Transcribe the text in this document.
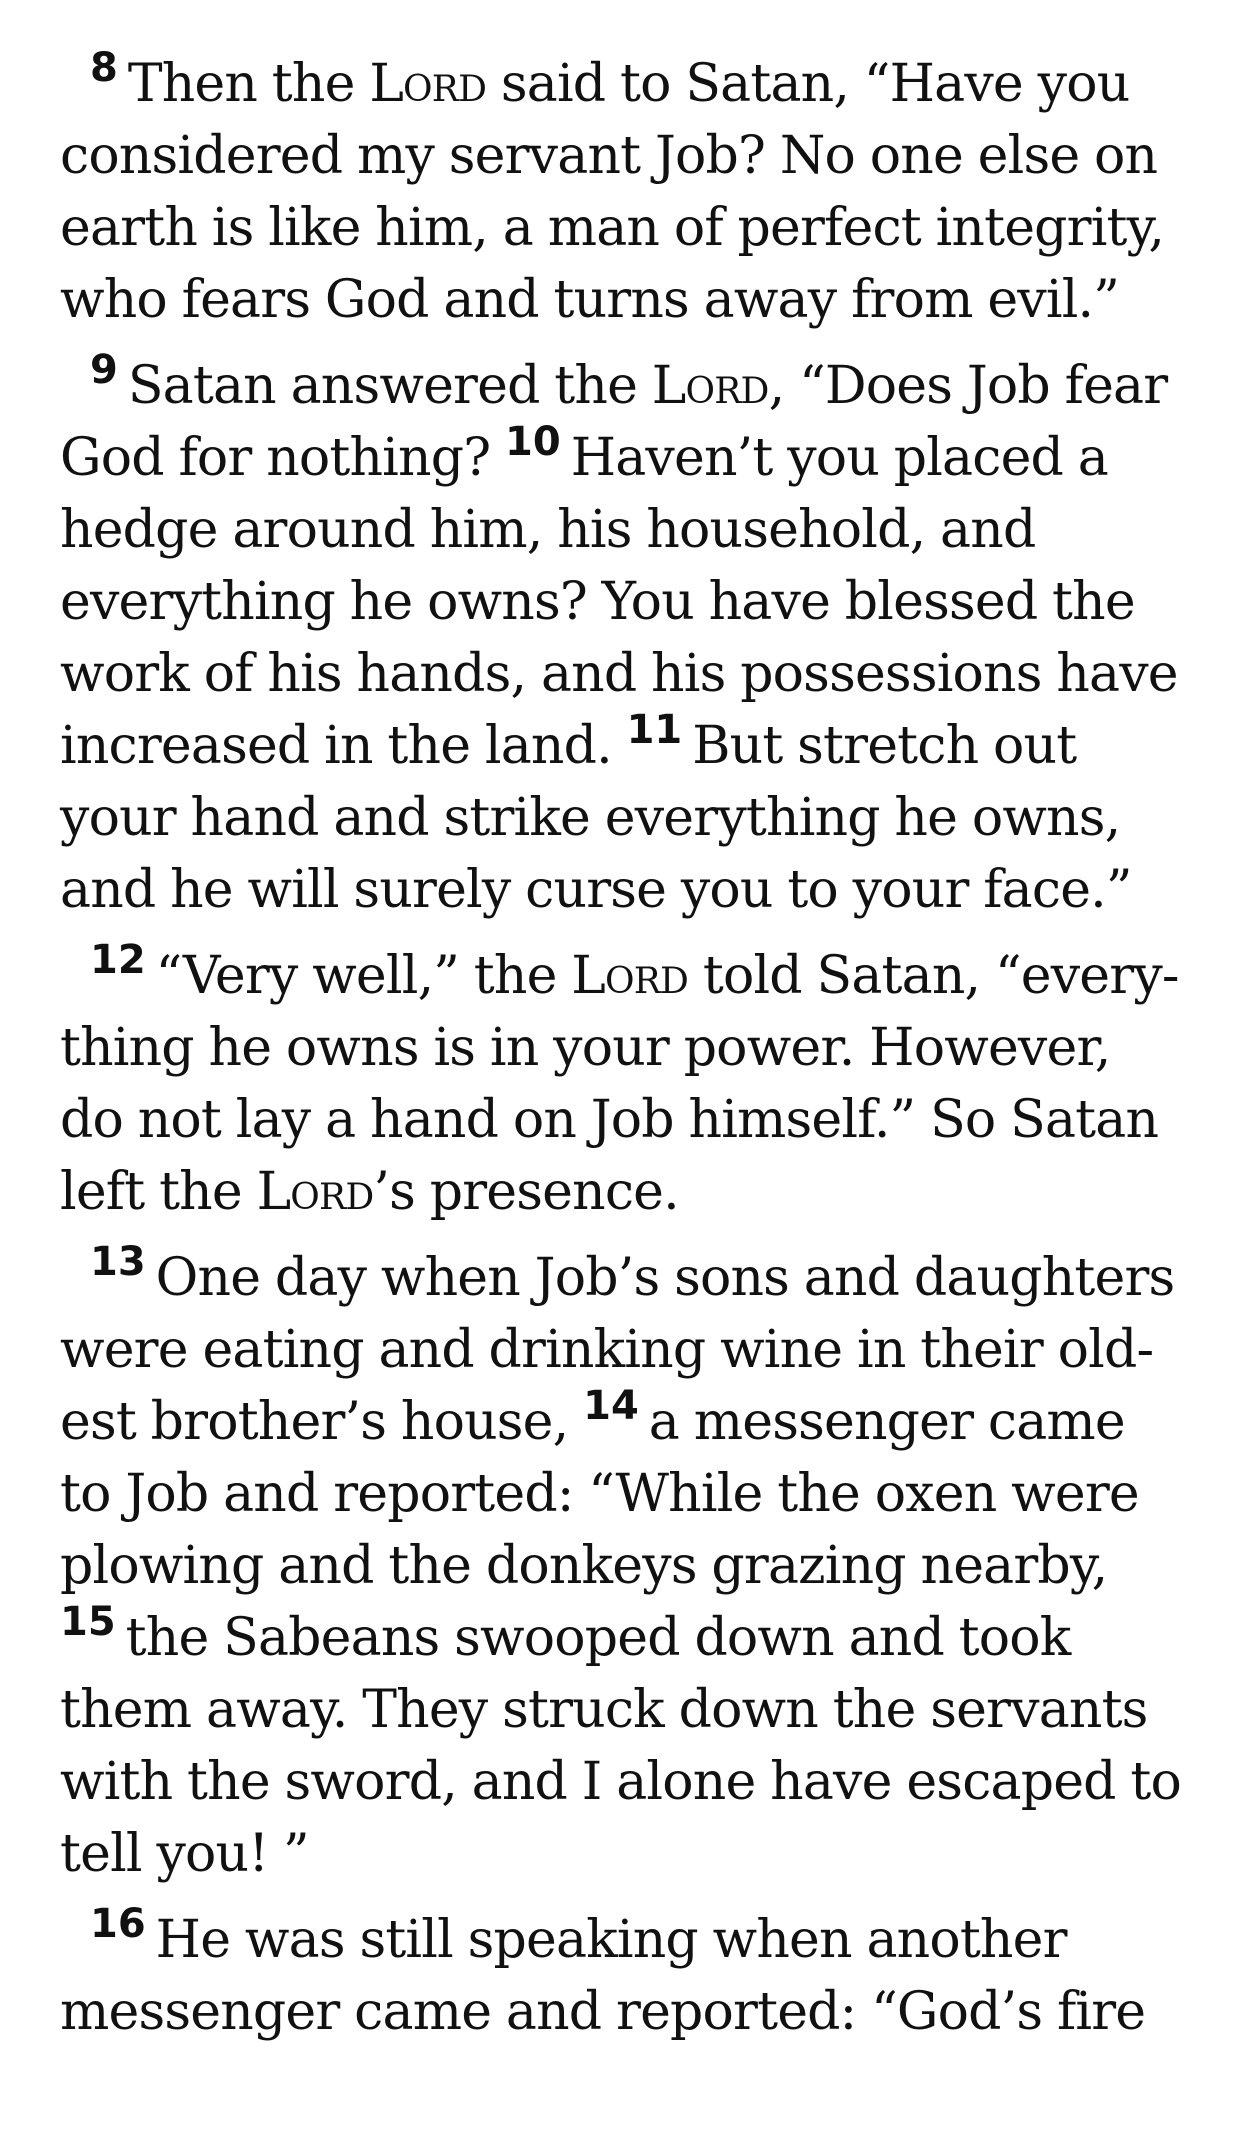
$^8$ Then the Lord said to Satan, “Have you considered my servant Job? No one else on earth is like him, a man of perfect integrity, who fears God and turns away from evil.”

$^9$ Satan answered the Lord, “Does Job fear God for nothing? $^{10}$ Haven’t you placed a hedge around him, his household, and everything he owns? You have blessed the work of his hands, and his possessions have increased in the land. $^{11}$ But stretch out your hand and strike everything he owns, and he will surely curse you to your face.”

$^{12}$ “Very well,” the Lord told Satan, “everything he owns is in your power. However, do not lay a hand on Job himself.” So Satan left the Lord’s presence.

$^{13}$ One day when Job’s sons and daughters were eating and drinking wine in their oldest brother’s house, $^{14}$ a messenger came to Job and reported: “While the oxen were plowing and the donkeys grazing nearby, $^{15}$ the Sabeans swooped down and took them away. They struck down the servants with the sword, and I alone have escaped to tell you! ”

$^{16}$ He was still speaking when another messenger came and reported: “God’s fire
